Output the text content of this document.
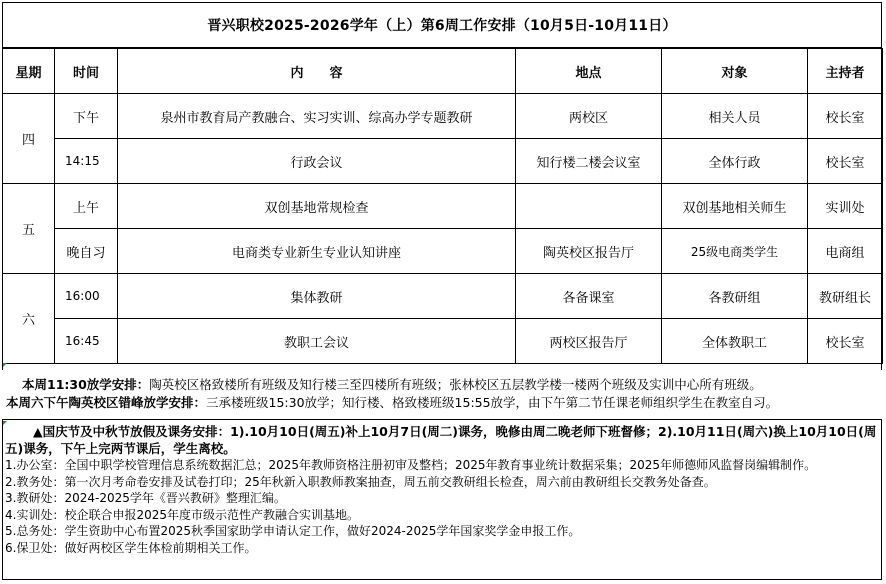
晋兴职校2025-2026学年（上）第6周工作安排（10月5日-10月11日）
星期	时间	内　　容	地点	对象	主持者
四	下午	泉州市教育局产教融合、实习实训、综高办学专题教研	两校区	相关人员	校长室
	14:15	行政会议	知行楼二楼会议室	全体行政	校长室
五	上午	双创基地常规检查		双创基地相关师生	实训处
	晚自习	电商类专业新生专业认知讲座	陶英校区报告厅	25级电商类学生	电商组
六	16:00	集体教研	各备课室	各教研组	教研组长
	16:45	教职工会议	两校区报告厅	全体教职工	校长室
本周11:30放学安排：陶英校区格致楼所有班级及知行楼三至四楼所有班级；张林校区五层教学楼一楼两个班级及实训中心所有班级。
本周六下午陶英校区错峰放学安排：三承楼班级15:30放学；知行楼、格致楼班级15:55放学，由下午第二节任课老师组织学生在教室自习。
▲国庆节及中秋节放假及课务安排：1).10月10日(周五)补上10月7日(周二)课务，晚修由周二晚老师下班督修；2).10月11日(周六)换上10月10日(周五)课务，下午上完两节课后，学生离校。
1.办公室：全国中职学校管理信息系统数据汇总；2025年教师资格注册初审及整档；2025年教育事业统计数据采集；2025年师德师风监督岗编辑制作。
2.教务处：第一次月考命卷安排及试卷打印；25年秋新入职教师教案抽查，周五前交教研组长检查，周六前由教研组长交教务处备查。
3.教研处：2024-2025学年《晋兴教研》整理汇编。
4.实训处：校企联合申报2025年度市级示范性产教融合实训基地。
5.总务处：学生资助中心布置2025秋季国家助学申请认定工作，做好2024-2025学年国家奖学金申报工作。
6.保卫处：做好两校区学生体检前期相关工作。
